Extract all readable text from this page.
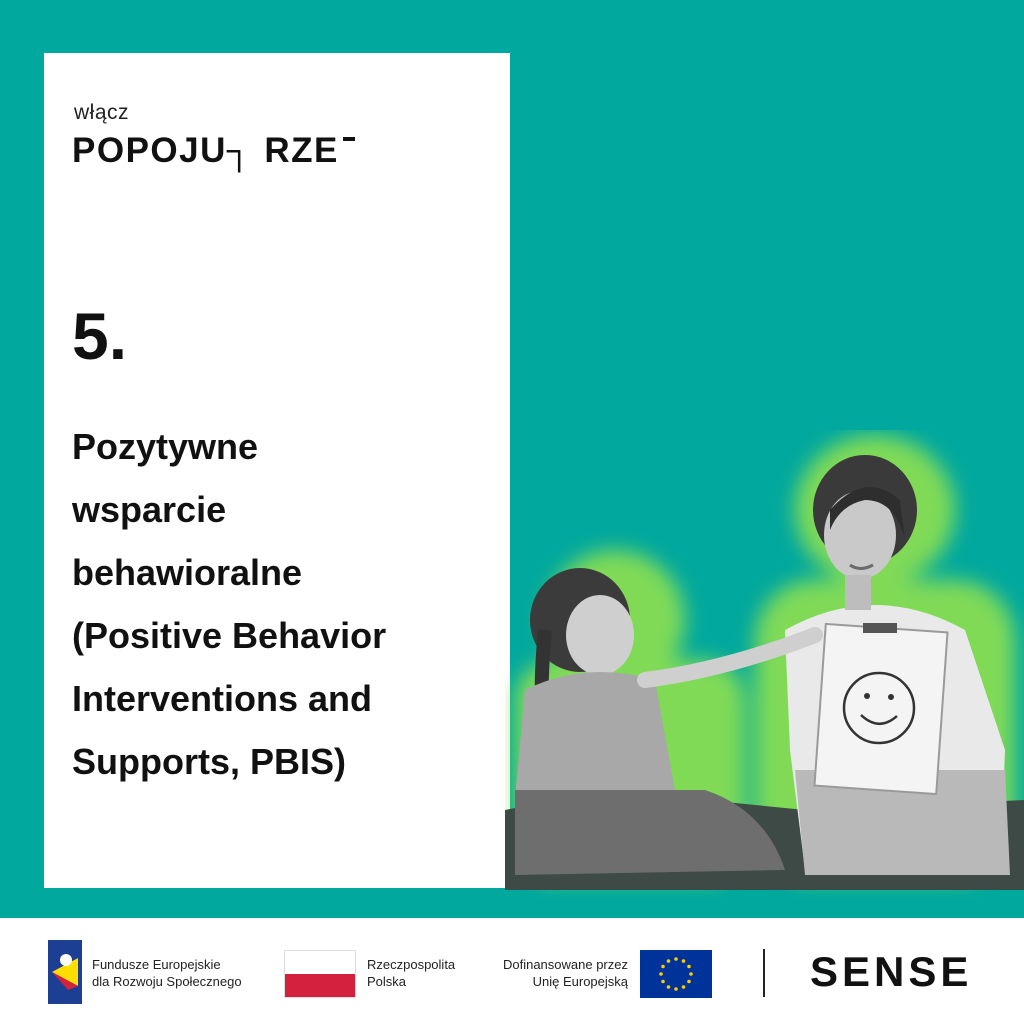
włącz
POPOJU┐ RZE
5.
Pozytywne
wsparcie
behawioralne
(Positive Behavior
Interventions and
Supports, PBIS)
Fundusze Europejskie
dla Rozwoju Społecznego
Rzeczpospolita
Polska
Dofinansowane przez
Unię Europejską	SENSE
